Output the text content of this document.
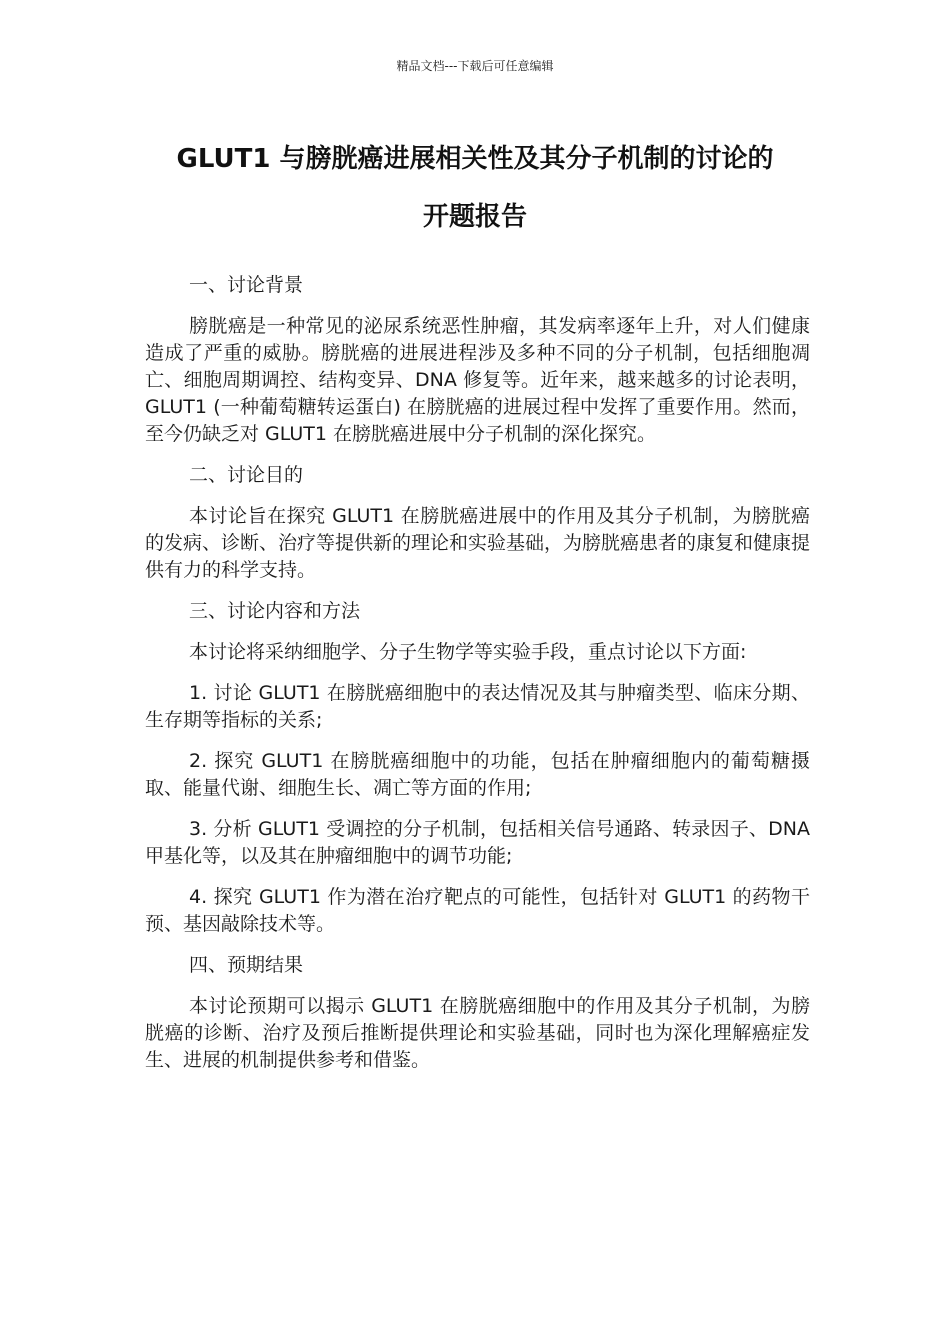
精品文档---下载后可任意编辑
GLUT1 与膀胱癌进展相关性及其分子机制的讨论的
开题报告

一、讨论背景

膀胱癌是一种常见的泌尿系统恶性肿瘤，其发病率逐年上升，对人们健康造成了严重的威胁。膀胱癌的进展进程涉及多种不同的分子机制，包括细胞凋亡、细胞周期调控、结构变异、DNA 修复等。近年来，越来越多的讨论表明，GLUT1 (一种葡萄糖转运蛋白) 在膀胱癌的进展过程中发挥了重要作用。然而，至今仍缺乏对 GLUT1 在膀胱癌进展中分子机制的深化探究。

二、讨论目的

本讨论旨在探究 GLUT1 在膀胱癌进展中的作用及其分子机制，为膀胱癌的发病、诊断、治疗等提供新的理论和实验基础，为膀胱癌患者的康复和健康提供有力的科学支持。

三、讨论内容和方法

本讨论将采纳细胞学、分子生物学等实验手段，重点讨论以下方面:

1. 讨论 GLUT1 在膀胱癌细胞中的表达情况及其与肿瘤类型、临床分期、生存期等指标的关系;

2. 探究 GLUT1 在膀胱癌细胞中的功能，包括在肿瘤细胞内的葡萄糖摄取、能量代谢、细胞生长、凋亡等方面的作用;

3. 分析 GLUT1 受调控的分子机制，包括相关信号通路、转录因子、DNA 甲基化等，以及其在肿瘤细胞中的调节功能;

4. 探究 GLUT1 作为潜在治疗靶点的可能性，包括针对 GLUT1 的药物干预、基因敲除技术等。

四、预期结果

本讨论预期可以揭示 GLUT1 在膀胱癌细胞中的作用及其分子机制，为膀胱癌的诊断、治疗及预后推断提供理论和实验基础，同时也为深化理解癌症发生、进展的机制提供参考和借鉴。
